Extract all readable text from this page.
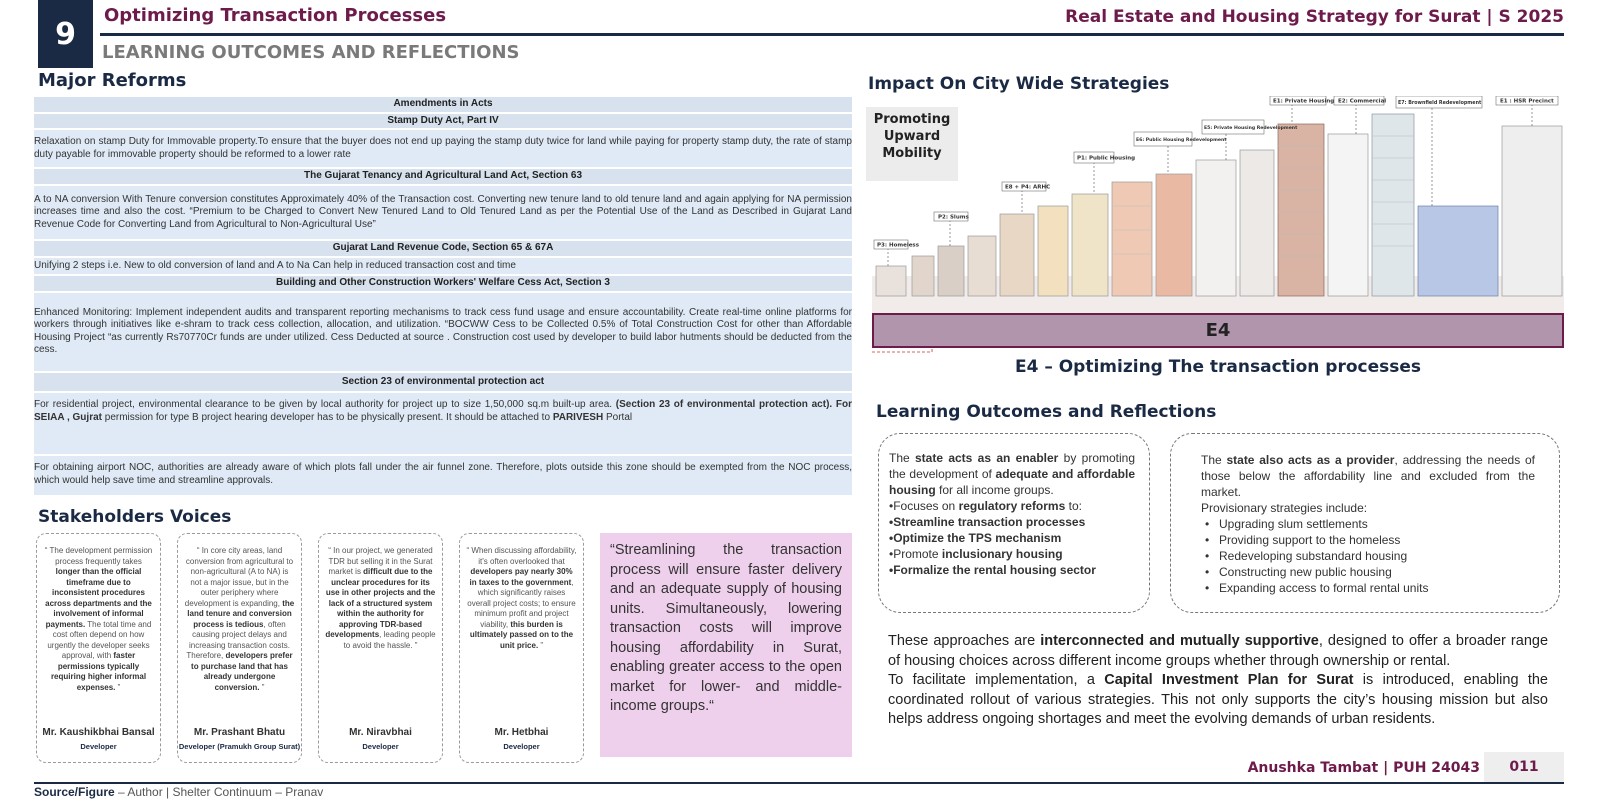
9
Optimizing Transaction Processes	Real Estate and Housing Strategy for Surat | S 2025
LEARNING OUTCOMES AND REFLECTIONS
Major Reforms
Amendments in Acts
Stamp Duty Act, Part IV
Relaxation on stamp Duty for Immovable property.To ensure that the buyer does not end up paying the stamp duty twice for land while paying for property stamp duty, the rate of stamp duty payable for immovable property should be reformed to a lower rate
The Gujarat Tenancy and Agricultural Land Act, Section 63
A to NA conversion With Tenure conversion constitutes Approximately 40% of the Transaction cost. Converting new tenure land to old tenure land and again applying for NA permission increases time and also the cost. “Premium to be Charged to Convert New Tenured Land to Old Tenured Land as per the Potential Use of the Land as Described in Gujarat Land Revenue Code for Converting Land from Agricultural to Non-Agricultural Use”
Gujarat Land Revenue Code, Section 65 & 67A
Unifying 2 steps i.e. New to old conversion of land and A to Na Can help in reduced transaction cost and time
Building and Other Construction Workers' Welfare Cess Act, Section 3
Enhanced Monitoring: Implement independent audits and transparent reporting mechanisms to track cess fund usage and ensure accountability. Create real-time online platforms for workers through initiatives like e-shram to track cess collection, allocation, and utilization. “BOCWW Cess to be Collected 0.5% of Total Construction Cost for other than Affordable Housing Project “as currently Rs70770Cr funds are under utilized. Cess Deducted at source . Construction cost used by developer to build labor hutments should be deducted from the cess.
Section 23 of environmental protection act
For residential project, environmental clearance to be given by local authority for project up to size 1,50,000 sq.m built-up area. (Section 23 of environmental protection act). For SEIAA , Gujrat permission for type B project hearing developer has to be physically present. It should be attached to PARIVESH Portal
For obtaining airport NOC, authorities are already aware of which plots fall under the air funnel zone. Therefore, plots outside this zone should be exempted from the NOC process, which would help save time and streamline approvals.
Stakeholders Voices
“ The development permission process frequently takes longer than the official timeframe due to inconsistent procedures across departments and the involvement of informal payments. The total time and cost often depend on how urgently the developer seeks approval, with faster permissions typically requiring higher informal expenses. ”
Mr. Kaushikbhai Bansal
Developer
“ In core city areas, land conversion from agricultural to non-agricultural (A to NA) is not a major issue, but in the outer periphery where development is expanding, the land tenure and conversion process is tedious, often causing project delays and increasing transaction costs. Therefore, developers prefer to purchase land that has already undergone conversion. ”
Mr. Prashant Bhatu
Developer (Pramukh Group Surat)
“ In our project, we generated TDR but selling it in the Surat market is difficult due to the unclear procedures for its use in other projects and the lack of a structured system within the authority for approving TDR-based developments, leading people to avoid the hassle. ”
Mr. Niravbhai
Developer
“ When discussing affordability, it's often overlooked that developers pay nearly 30% in taxes to the government, which significantly raises overall project costs; to ensure minimum profit and project viability, this burden is ultimately passed on to the unit price. ”
Mr. Hetbhai
Developer
“Streamlining the transaction process will ensure faster delivery and an adequate supply of housing units. Simultaneously, lowering transaction costs will improve housing affordability in Surat, enabling greater access to the open market for lower- and middle-income groups.“
Impact On City Wide Strategies
P3: Homeless
P2: Slums
E8 + P4: ARHC
P1: Public Housing
E6: Public Housing Redevelopment
E5: Private Housing Redevelopment
E1: Private Housing E2: Commercial E7: Brownfield Redevelopment	E1 : HSR Precinct
Promoting
Upward
Mobility
E4
E4 – Optimizing The transaction processes
Learning Outcomes and Reflections
The state acts as an enabler by promoting the development of adequate and affordable housing for all income groups.
•Focuses on regulatory reforms to:
•Streamline transaction processes
•Optimize the TPS mechanism
•Promote inclusionary housing
•Formalize the rental housing sector
The state also acts as a provider, addressing the needs of those below the affordability line and excluded from the market.
Provisionary strategies include:
• Upgrading slum settlements
• Providing support to the homeless
• Redeveloping substandard housing
• Constructing new public housing
• Expanding access to formal rental units
These approaches are interconnected and mutually supportive, designed to offer a broader range of housing choices across different income groups whether through ownership or rental.
To facilitate implementation, a Capital Investment Plan for Surat is introduced, enabling the coordinated rollout of various strategies. This not only supports the city’s housing mission but also helps address ongoing shortages and meet the evolving demands of urban residents.
Anushka Tambat | PUH 24043 011
Source/Figure – Author | Shelter Continuum – Pranav
